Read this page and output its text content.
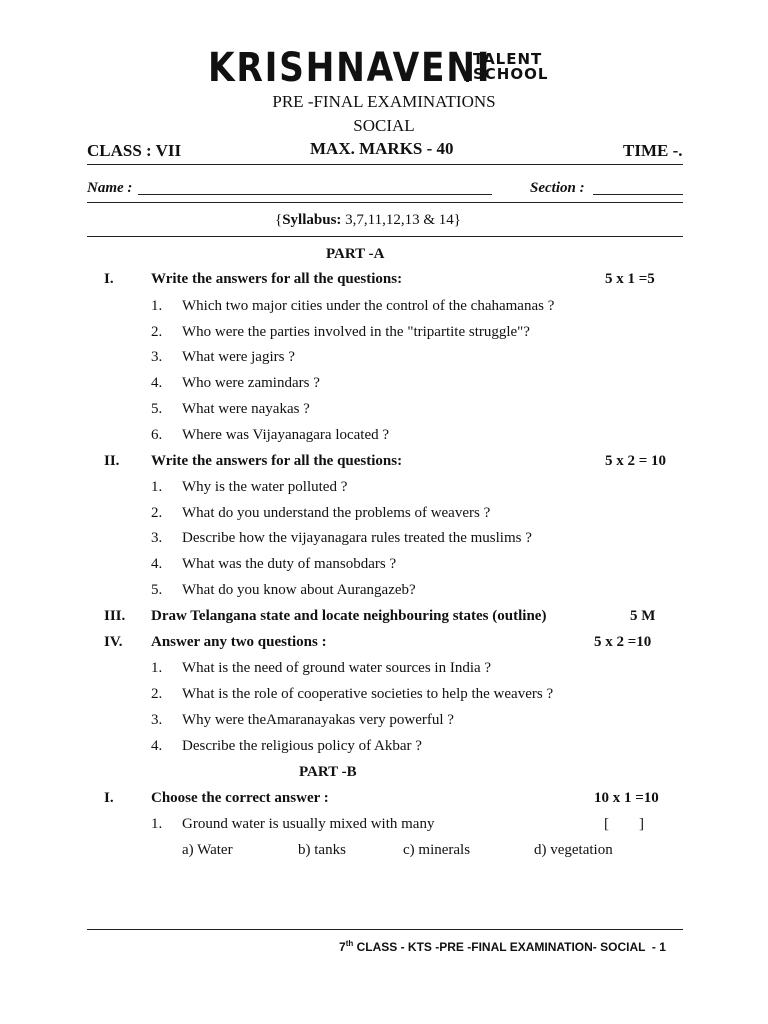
KRISHNAVENI
TALENT
SCHOOL
PRE -FINAL EXAMINATIONS
SOCIAL
CLASS : VII	MAX. MARKS - 40	TIME -.
Name :	Section :
{Syllabus: 3,7,11,12,13 & 14}
PART -A
I. Write the answers for all the questions:	5 x 1 =5
1. Which two major cities under the control of the chahamanas ?
2. Who were the parties involved in the "tripartite struggle"?
3. What were jagirs ?
4. Who were zamindars ?
5. What were nayakas ?
6. Where was Vijayanagara located ?
II. Write the answers for all the questions:	5 x 2 = 10
1. Why is the water polluted ?
2. What do you understand the problems of weavers ?
3. Describe how the vijayanagara rules treated the muslims ?
4. What was the duty of mansobdars ?
5. What do you know about Aurangazeb?
III. Draw Telangana state and locate neighbouring states (outline)	5 M
IV. Answer any two questions :	5 x 2 =10
1. What is the need of ground water sources in India ?
2. What is the role of cooperative societies to help the weavers ?
3. Why were theAmaranayakas very powerful ?
4. Describe the religious policy of Akbar ?
PART -B
I. Choose the correct answer :	10 x 1 =10
1. Ground water is usually mixed with many	[        ]
a) Water	b) tanks	c) minerals	d) vegetation
7th CLASS - KTS -PRE -FINAL EXAMINATION- SOCIAL  - 1
